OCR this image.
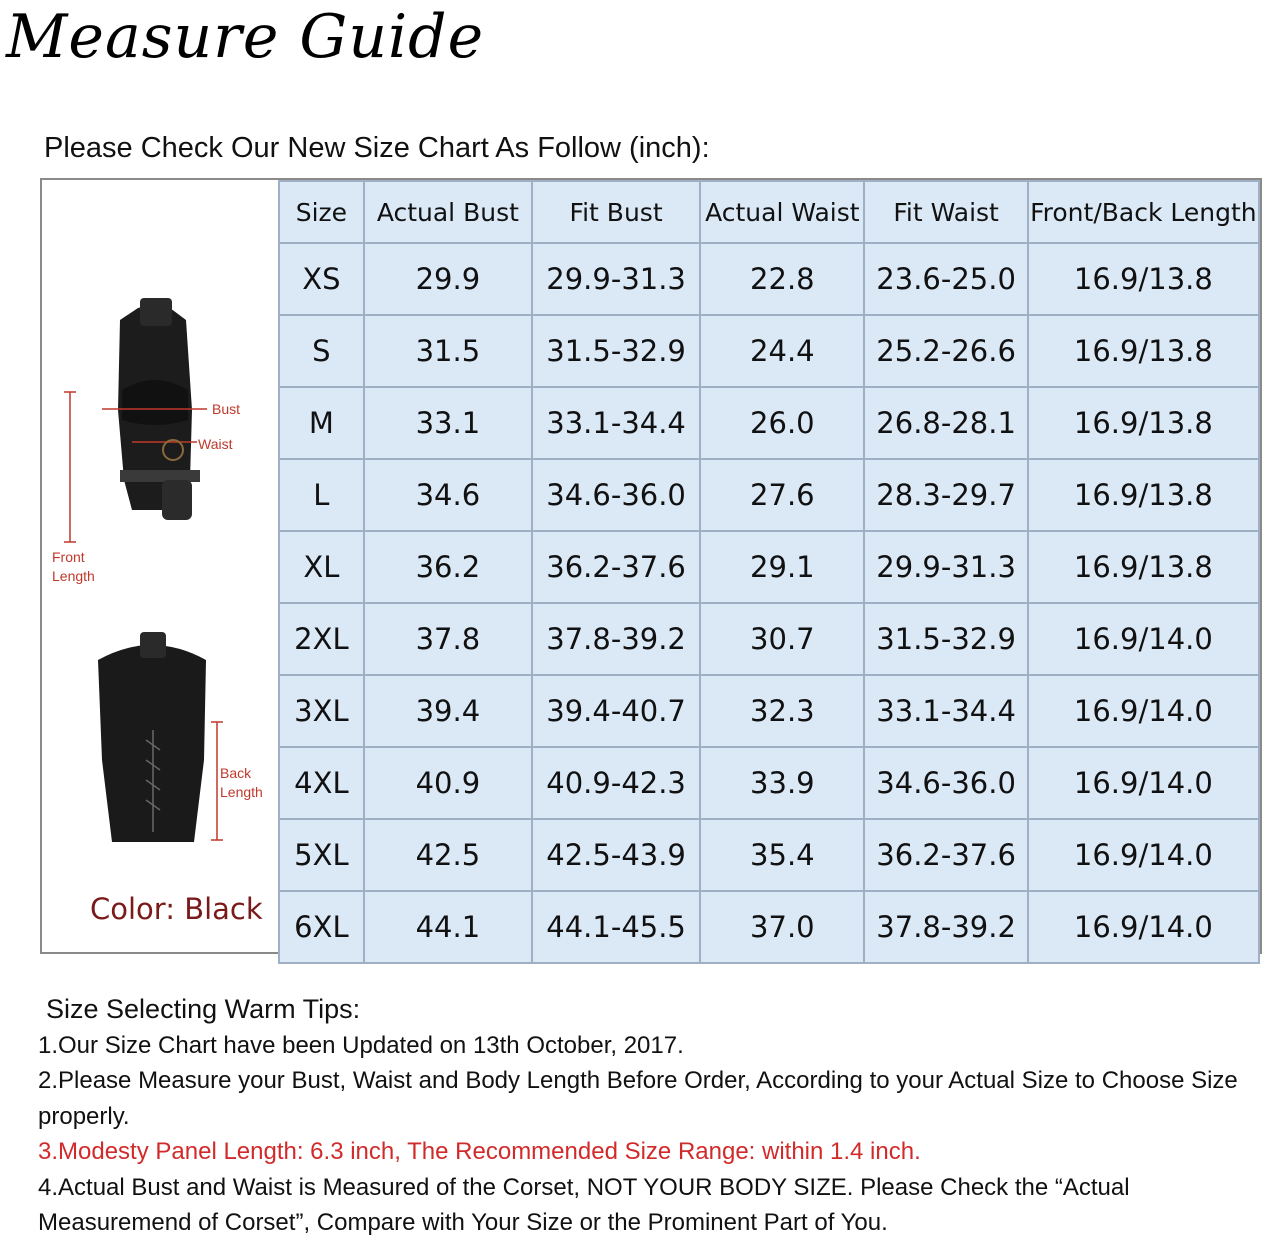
Measure Guide
Please Check Our New Size Chart As Follow (inch):
Bust
Waist
Front
Length
Back
Length
Color: Black
Size	Actual Bust	Fit Bust	Actual Waist	Fit Waist	Front/Back Length
XS	29.9	29.9-31.3	22.8	23.6-25.0	16.9/13.8
S	31.5	31.5-32.9	24.4	25.2-26.6	16.9/13.8
M	33.1	33.1-34.4	26.0	26.8-28.1	16.9/13.8
L	34.6	34.6-36.0	27.6	28.3-29.7	16.9/13.8
XL	36.2	36.2-37.6	29.1	29.9-31.3	16.9/13.8
2XL	37.8	37.8-39.2	30.7	31.5-32.9	16.9/14.0
3XL	39.4	39.4-40.7	32.3	33.1-34.4	16.9/14.0
4XL	40.9	40.9-42.3	33.9	34.6-36.0	16.9/14.0
5XL	42.5	42.5-43.9	35.4	36.2-37.6	16.9/14.0
6XL	44.1	44.1-45.5	37.0	37.8-39.2	16.9/14.0
Size Selecting Warm Tips:
1.Our Size Chart have been Updated on 13th October, 2017.
2.Please Measure your Bust, Waist and Body Length Before Order, According to your Actual Size to Choose Size properly.
3.Modesty Panel Length: 6.3 inch, The Recommended Size Range: within 1.4 inch.
4.Actual Bust and Waist is Measured of the Corset, NOT YOUR BODY SIZE. Please Check the “Actual Measuremend of Corset”, Compare with Your Size or the Prominent Part of You.
